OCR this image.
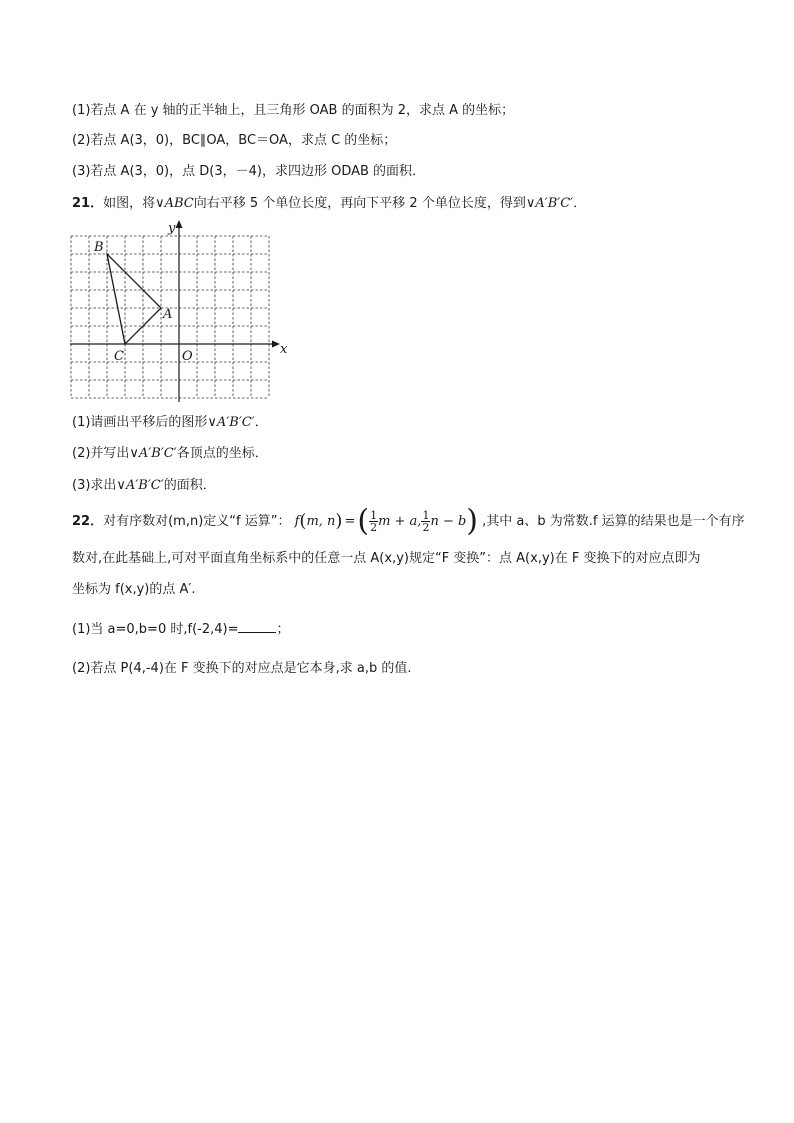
(1)若点 A 在 y 轴的正半轴上，且三角形 OAB 的面积为 2，求点 A 的坐标；
(2)若点 A(3，0)，BC∥OA，BC＝OA，求点 C 的坐标；
(3)若点 A(3，0)，点 D(3，－4)，求四边形 ODAB 的面积．
21．如图，将∨ABC向右平移 5 个单位长度，再向下平移 2 个单位长度，得到∨A′B′C′．
x
y
O
B
A
C
(1)请画出平移后的图形∨A′B′C′．
(2)并写出∨A′B′C′各顶点的坐标．
(3)求出∨A′B′C′的面积．
22．对有序数对(m,n)定义“f 运算”： f(m, n) =( $\frac{1}{2}$ m + a, $\frac{1}{2}$ n − b) ,其中 a、b 为常数.f 运算的结果也是一个有序
数对,在此基础上,可对平面直角坐标系中的任意一点 A(x,y)规定“F 变换”：点 A(x,y)在 F 变换下的对应点即为
坐标为 f(x,y)的点 A′.
(1)当 a=0,b=0 时,f(-2,4)=	；
(2)若点 P(4,-4)在 F 变换下的对应点是它本身,求 a,b 的值.
